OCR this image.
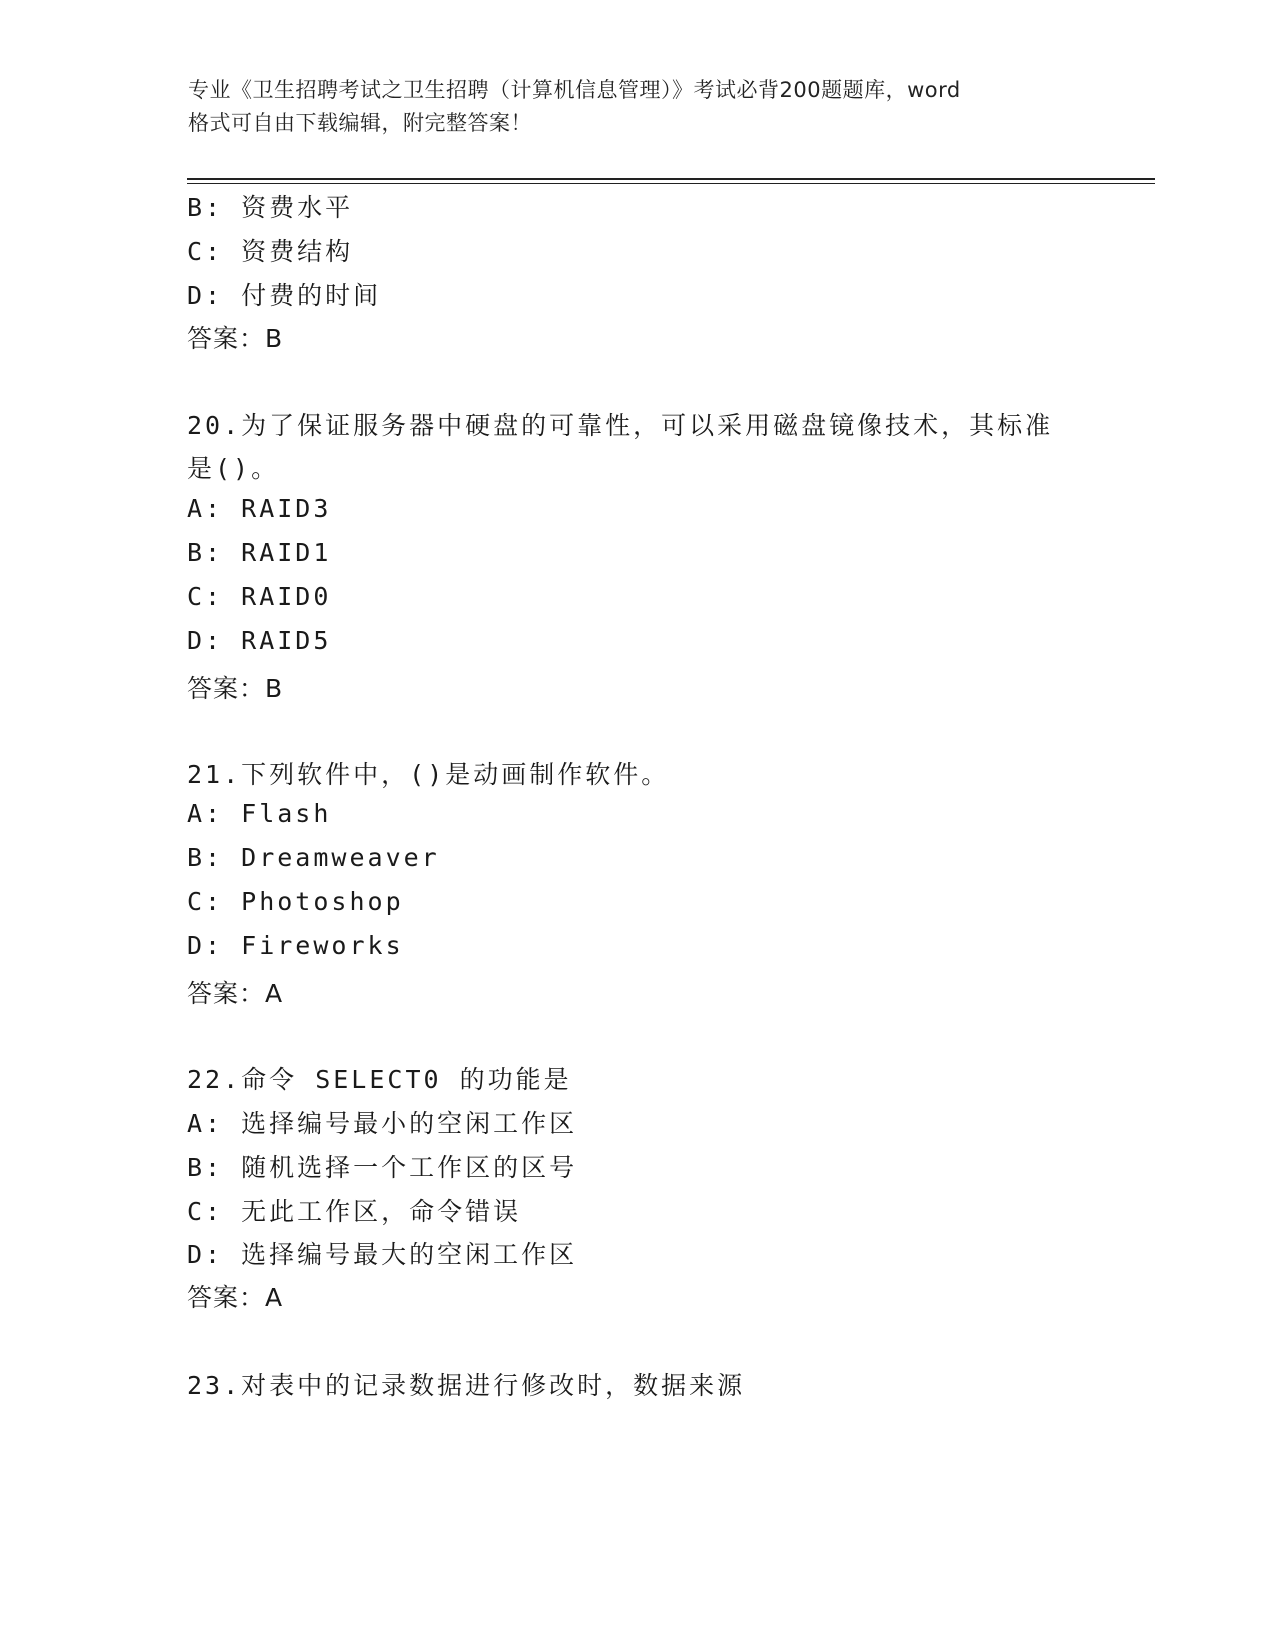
专业《卫生招聘考试之卫生招聘（计算机信息管理）》考试必背200题题库，word
格式可自由下载编辑，附完整答案！
B: 资费水平
C: 资费结构
D: 付费的时间
答案：B
20.为了保证服务器中硬盘的可靠性，可以采用磁盘镜像技术，其标准
是()。
A: RAID3
B: RAID1
C: RAID0
D: RAID5
答案：B
21.下列软件中，()是动画制作软件。
A: Flash
B: Dreamweaver
C: Photoshop
D: Fireworks
答案：A
22.命令 SELECT0 的功能是
A: 选择编号最小的空闲工作区
B: 随机选择一个工作区的区号
C: 无此工作区，命令错误
D: 选择编号最大的空闲工作区
答案：A
23.对表中的记录数据进行修改时，数据来源
